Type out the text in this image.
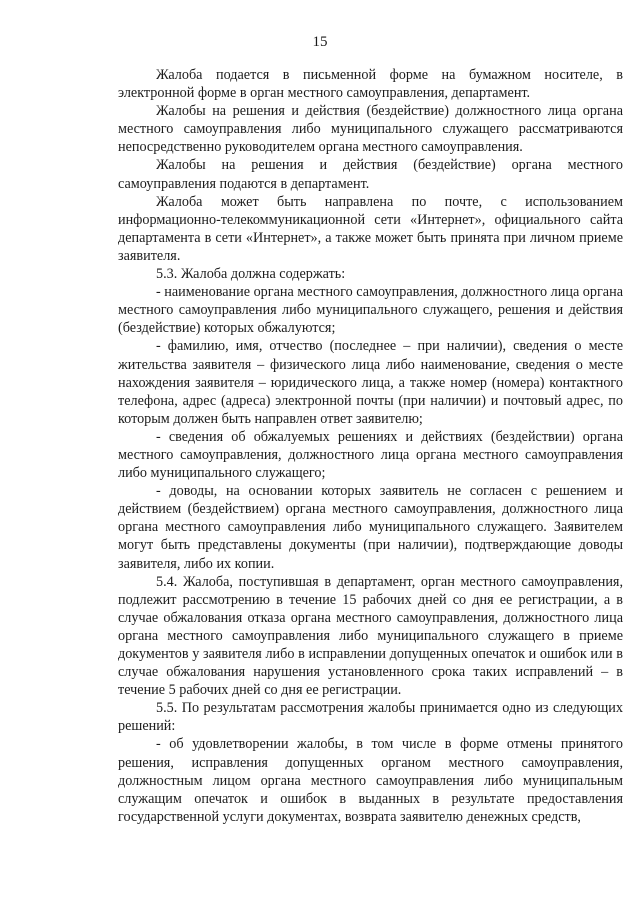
15

Жалоба подается в письменной форме на бумажном носителе, в электронной форме в орган местного самоуправления, департамент.

Жалобы на решения и действия (бездействие) должностного лица органа местного самоуправления либо муниципального служащего рассматриваются непосредственно руководителем органа местного самоуправления.

Жалобы на решения и действия (бездействие) органа местного самоуправления подаются в департамент.

Жалоба может быть направлена по почте, с использованием информационно-телекоммуникационной сети «Интернет», официального сайта департамента в сети «Интернет», а также может быть принята при личном приеме заявителя.

5.3. Жалоба должна содержать:

- наименование органа местного самоуправления, должностного лица органа местного самоуправления либо муниципального служащего, решения и действия (бездействие) которых обжалуются;

- фамилию, имя, отчество (последнее – при наличии), сведения о месте жительства заявителя – физического лица либо наименование, сведения о месте нахождения заявителя – юридического лица, а также номер (номера) контактного телефона, адрес (адреса) электронной почты (при наличии) и почтовый адрес, по которым должен быть направлен ответ заявителю;

- сведения об обжалуемых решениях и действиях (бездействии) органа местного самоуправления, должностного лица органа местного самоуправления либо муниципального служащего;

- доводы, на основании которых заявитель не согласен с решением и действием (бездействием) органа местного самоуправления, должностного лица органа местного самоуправления либо муниципального служащего. Заявителем могут быть представлены документы (при наличии), подтверждающие доводы заявителя, либо их копии.

5.4. Жалоба, поступившая в департамент, орган местного самоуправления, подлежит рассмотрению в течение 15 рабочих дней со дня ее регистрации, а в случае обжалования отказа органа местного самоуправления, должностного лица органа местного самоуправления либо муниципального служащего в приеме документов у заявителя либо в исправлении допущенных опечаток и ошибок или в случае обжалования нарушения установленного срока таких исправлений – в течение 5 рабочих дней со дня ее регистрации.

5.5. По результатам рассмотрения жалобы принимается одно из следующих решений:

- об удовлетворении жалобы, в том числе в форме отмены принятого решения, исправления допущенных органом местного самоуправления, должностным лицом органа местного самоуправления либо муниципальным служащим опечаток и ошибок в выданных в результате предоставления государственной услуги документах, возврата заявителю денежных средств,
